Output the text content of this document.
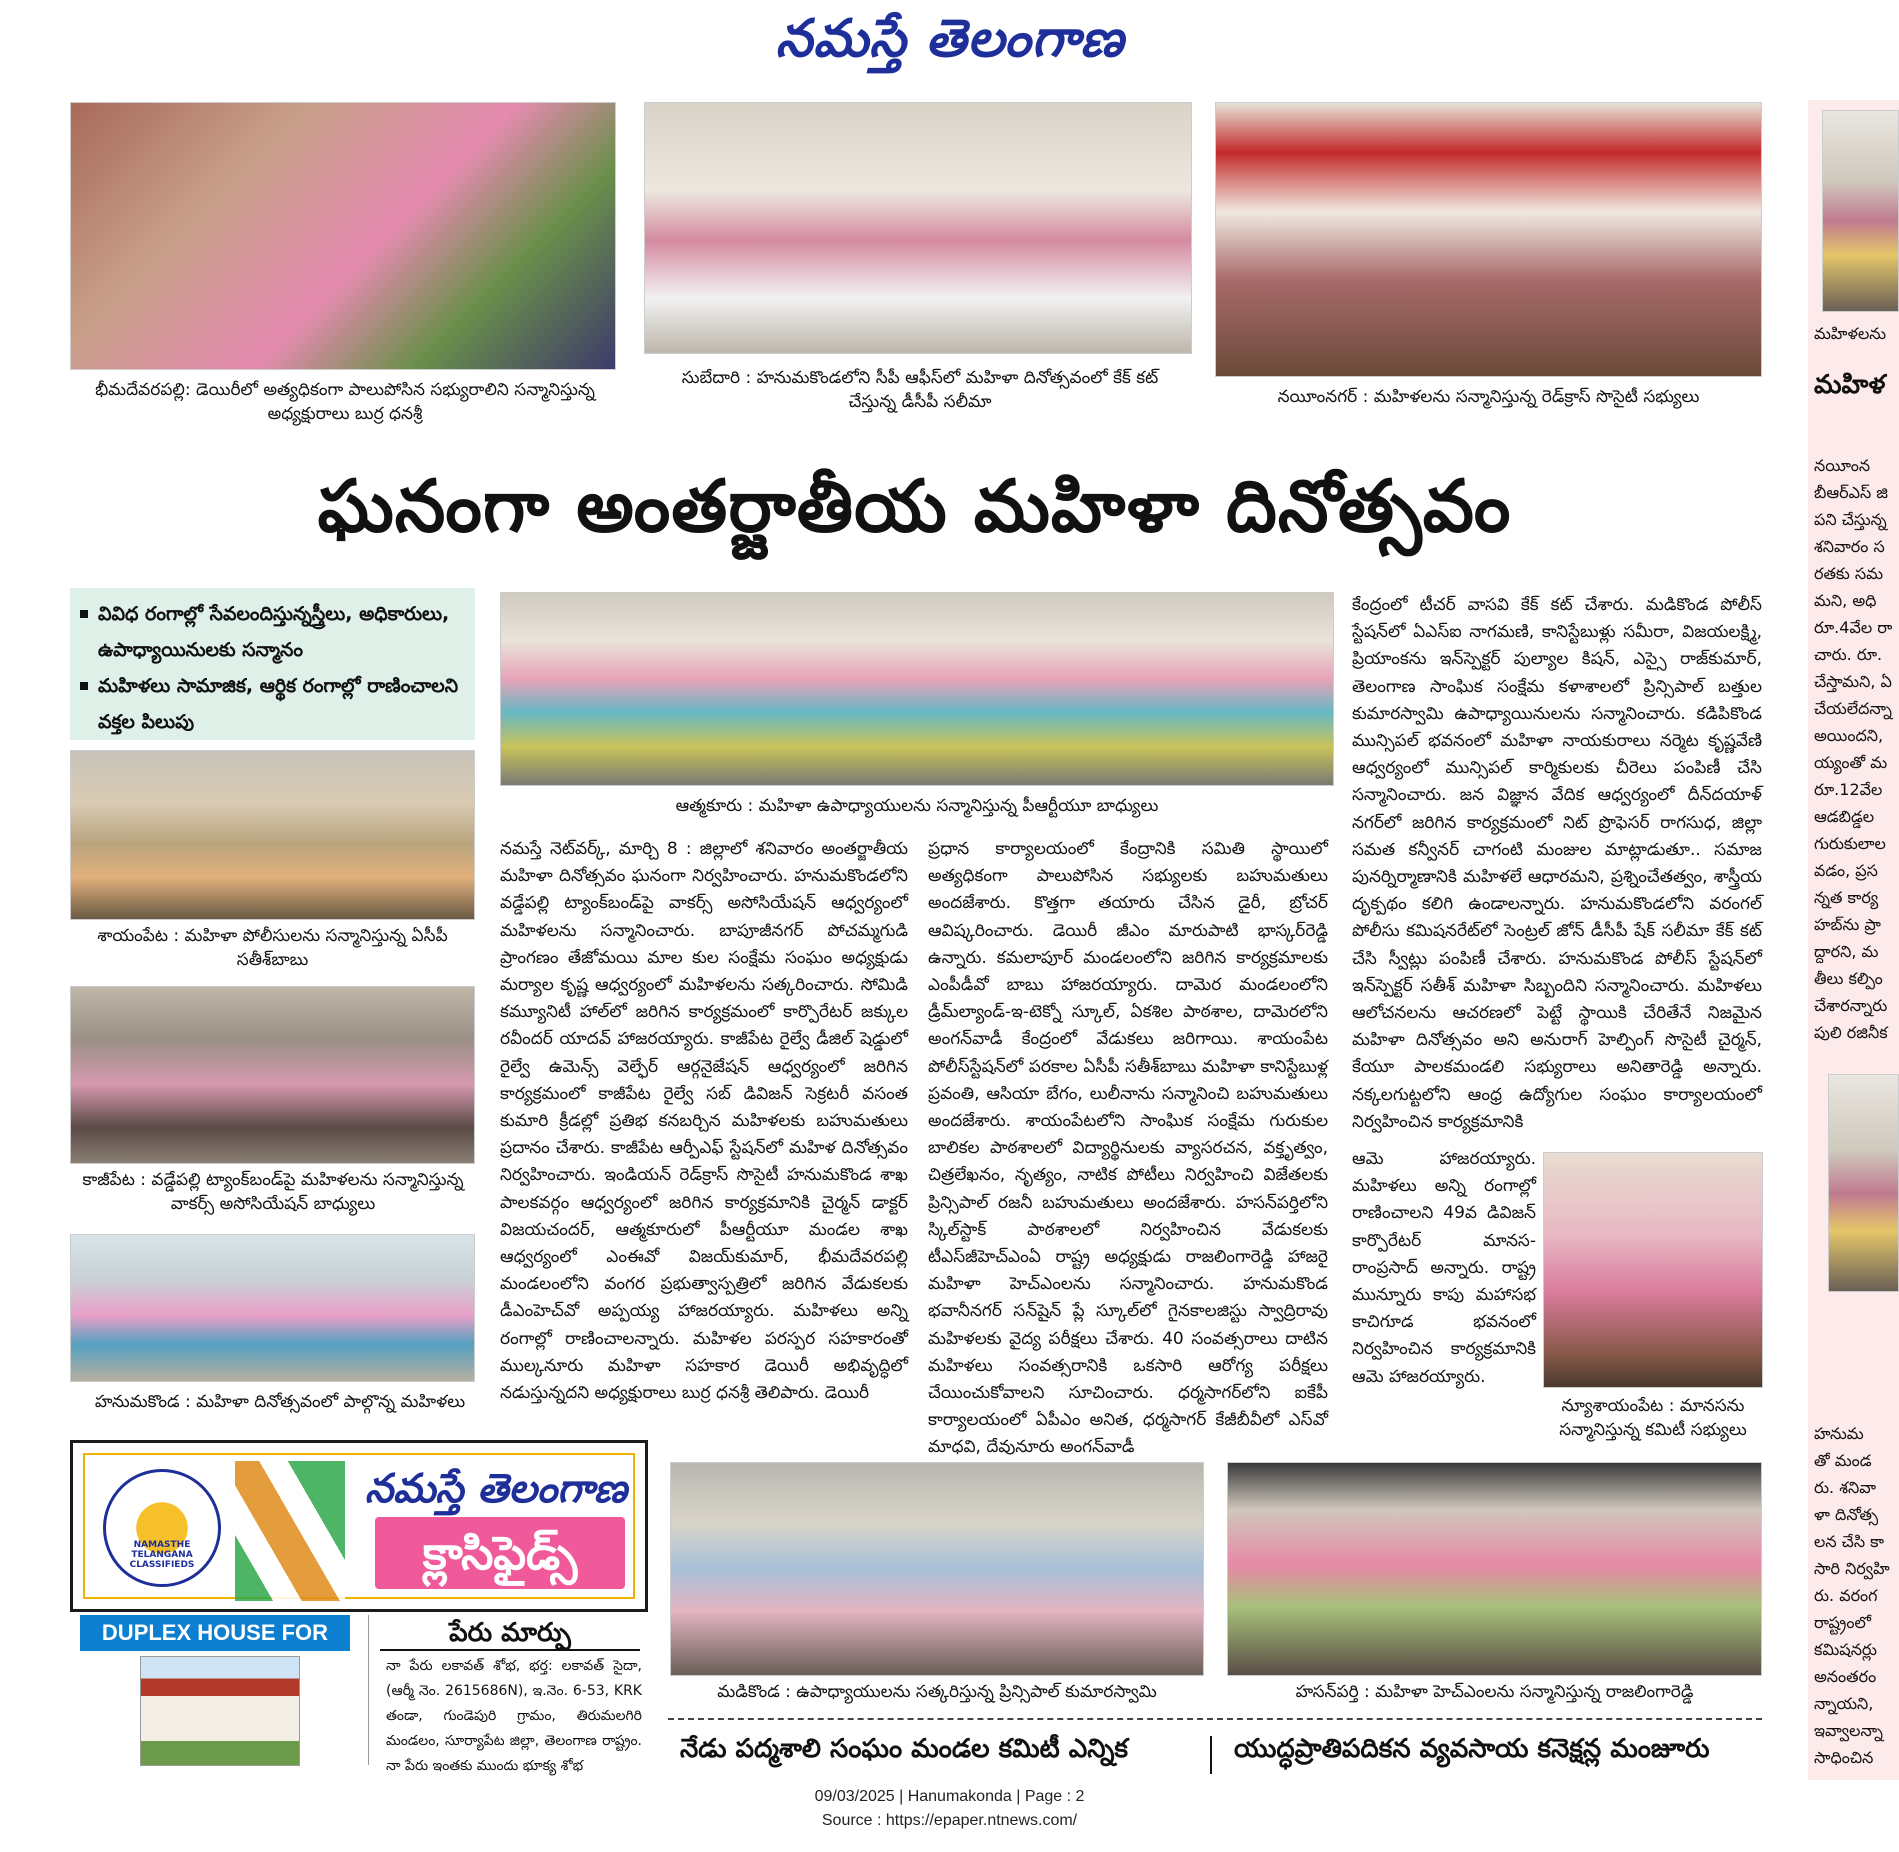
నమస్తే తెలంగాణ
భీమదేవరపల్లి: డెయిరీలో అత్యధికంగా పాలుపోసిన సభ్యురాలిని సన్మానిస్తున్న అధ్యక్షురాలు బుర్ర ధనశ్రీ
సుబేదారి : హనుమకొండలోని సీపీ ఆఫీస్‌లో మహిళా దినోత్సవంలో కేక్ కట్ చేస్తున్న డీసీపీ సలీమా	నయీంనగర్ : మహిళలను సన్మానిస్తున్న రెడ్‌క్రాస్ సొసైటీ సభ్యులు
ఘనంగా అంతర్జాతీయ మహిళా దినోత్సవం
వివిధ రంగాల్లో సేవలందిస్తున్నస్త్రీలు, అధికారులు, ఉపాధ్యాయినులకు సన్మానం
మహిళలు సామాజిక, ఆర్థిక రంగాల్లో రాణించాలని వక్తల పిలుపు
శాయంపేట : మహిళా పోలీసులను సన్మానిస్తున్న ఏసీపీ సతీశ్‌బాబు
కాజీపేట : వడ్డేపల్లి ట్యాంక్‌బండ్‌పై మహిళలను సన్మానిస్తున్న వాకర్స్ అసోసియేషన్ బాధ్యులు
హనుమకొండ : మహిళా దినోత్సవంలో పాల్గొన్న మహిళలు
ఆత్మకూరు : మహిళా ఉపాధ్యాయులను సన్మానిస్తున్న పీఆర్టీయూ బాధ్యులు
నమస్తే నెట్‌వర్క్, మార్చి 8 : జిల్లాలో శనివారం అంతర్జాతీయ మహిళా దినోత్సవం ఘనంగా నిర్వహించారు. హనుమకొండలోని వడ్డేపల్లి ట్యాంక్‌బండ్‌పై వాకర్స్ అసోసియేషన్ ఆధ్వర్యంలో మహిళలను సన్మానించారు. బాపూజీనగర్ పోచమ్మగుడి ప్రాంగణం తేజోమయి మాల కుల సంక్షేమ సంఘం అధ్యక్షుడు మర్యాల కృష్ణ ఆధ్వర్యంలో మహిళలను సత్కరించారు. సోమిడి కమ్యూనిటీ హాల్‌లో జరిగిన కార్యక్రమంలో కార్పొరేటర్ జక్కుల రవీందర్ యాదవ్ హాజరయ్యారు. కాజీపేట రైల్వే డీజిల్ షెడ్డులో రైల్వే ఉమెన్స్ వెల్ఫేర్ ఆర్గనైజేషన్ ఆధ్వర్యంలో జరిగిన కార్యక్రమంలో కాజీపేట రైల్వే సబ్ డివిజన్ సెక్రటరీ వసంత కుమారి క్రీడల్లో ప్రతిభ కనబర్చిన మహిళలకు బహుమతులు ప్రదానం చేశారు. కాజీపేట ఆర్పీఎఫ్ స్టేషన్‌లో మహిళ దినోత్సవం నిర్వహించారు. ఇండియన్ రెడ్‌క్రాస్ సొసైటీ హనుమకొండ శాఖ పాలకవర్గం ఆధ్వర్యంలో జరిగిన కార్యక్రమానికి చైర్మన్ డాక్టర్ విజయచందర్, ఆత్మకూరులో పీఆర్టీయూ మండల శాఖ ఆధ్వర్యంలో ఎంఈవో విజయ్‌కుమార్, భీమదేవరపల్లి మండలంలోని వంగర ప్రభుత్వాస్పత్రిలో జరిగిన వేడుకలకు డీఎంహెచ్‌వో అప్పయ్య హాజరయ్యారు. మహిళలు అన్ని రంగాల్లో రాణించాలన్నారు. మహిళల పరస్పర సహకారంతో ముల్కనూరు మహిళా సహకార డెయిరీ అభివృద్ధిలో నడుస్తున్నదని అధ్యక్షురాలు బుర్ర ధనశ్రీ తెలిపారు. డెయిరీ
ప్రధాన కార్యాలయంలో కేంద్రానికి సమితి స్థాయిలో అత్యధికంగా పాలుపోసిన సభ్యులకు బహుమతులు అందజేశారు. కొత్తగా తయారు చేసిన డైరీ, బ్రోచర్ ఆవిష్కరించారు. డెయిరీ జీఎం మారుపాటి భాస్కర్‌రెడ్డి ఉన్నారు. కమలాపూర్ మండలంలోని జరిగిన కార్యక్రమాలకు ఎంపీడీవో బాబు హాజరయ్యారు. దామెర మండలంలోని డ్రీమ్‌ల్యాండ్-ఇ-టెక్నో స్కూల్, ఏకశిల పాఠశాల, దామెరలోని అంగన్‌వాడీ కేంద్రంలో వేడుకలు జరిగాయి. శాయంపేట పోలీస్‌స్టేషన్‌లో పరకాల ఏసీపీ సతీశ్‌బాబు మహిళా కానిస్టేబుళ్ల ప్రవంతి, ఆసియా బేగం, లులీనాను సన్మానించి బహుమతులు అందజేశారు. శాయంపేటలోని సాంఘిక సంక్షేమ గురుకుల బాలికల పాఠశాలలో విద్యార్థినులకు వ్యాసరచన, వక్తృత్వం, చిత్రలేఖనం, నృత్యం, నాటిక పోటీలు నిర్వహించి విజేతలకు ప్రిన్సిపాల్ రజనీ బహుమతులు అందజేశారు. హసన్‌పర్తిలోని స్కిల్‌స్టాక్ పాఠశాలలో నిర్వహించిన వేడుకలకు టీఎస్‌జీహెచ్‌ఎంఏ రాష్ట్ర అధ్యక్షుడు రాజలింగారెడ్డి హాజరై మహిళా హెచ్‌ఎంలను సన్మానించారు. హనుమకొండ భవానీనగర్ సన్‌షైన్ ప్లే స్కూల్‌లో గైనకాలజిస్టు స్వాద్రిరావు మహిళలకు వైద్య పరీక్షలు చేశారు. 40 సంవత్సరాలు దాటిన మహిళలు సంవత్సరానికి ఒకసారి ఆరోగ్య పరీక్షలు చేయించుకోవాలని సూచించారు. ధర్మసాగర్‌లోని ఐకేపీ కార్యాలయంలో ఏపీఎం అనిత, ధర్మసాగర్ కేజీబీవీలో ఎస్‌వో మాధవి, దేవునూరు అంగన్‌వాడీ
కేంద్రంలో టీచర్ వాసవి కేక్ కట్ చేశారు. మడికొండ పోలీస్ స్టేషన్‌లో ఏఎస్ఐ నాగమణి, కానిస్టేబుళ్లు సమీరా, విజయలక్ష్మి, ప్రియాంకను ఇన్‌స్పెక్టర్ పుల్యాల కిషన్, ఎస్సై రాజ్‌కుమార్, తెలంగాణ సాంఘిక సంక్షేమ కళాశాలలో ప్రిన్సిపాల్ బత్తుల కుమారస్వామి ఉపాధ్యాయినులను సన్మానించారు. కడిపికొండ మున్సిపల్ భవనంలో మహిళా నాయకురాలు నర్మెట కృష్ణవేణి ఆధ్వర్యంలో మున్సిపల్ కార్మికులకు చీరెలు పంపిణీ చేసి సన్మానించారు. జన విజ్ఞాన వేదిక ఆధ్వర్యంలో దీన్‌దయాళ్ నగర్‌లో జరిగిన కార్యక్రమంలో నిట్ ప్రొఫెసర్ రాగసుధ, జిల్లా సమత కన్వీనర్ చాగంటి మంజుల మాట్లాడుతూ.. సమాజ పునర్నిర్మాణానికి మహిళలే ఆధారమని, ప్రశ్నించేతత్వం, శాస్త్రీయ దృక్పథం కలిగి ఉండాలన్నారు. హనుమకొండలోని వరంగల్ పోలీసు కమిషనరేట్‌లో సెంట్రల్ జోన్ డీసీపీ షేక్ సలీమా కేక్ కట్ చేసి స్వీట్లు పంపిణీ చేశారు. హనుమకొండ పోలీస్ స్టేషన్‌లో ఇన్‌స్పెక్టర్ సతీశ్ మహిళా సిబ్బందిని సన్మానించారు. మహిళలు ఆలోచనలను ఆచరణలో పెట్టే స్థాయికి చేరితేనే నిజమైన మహిళా దినోత్సవం అని అనురాగ్ హెల్పింగ్ సొసైటీ చైర్మన్, కేయూ పాలకమండలి సభ్యురాలు అనితారెడ్డి అన్నారు. నక్కలగుట్టలోని ఆంధ్ర ఉద్యోగుల సంఘం కార్యాలయంలో నిర్వహించిన కార్యక్రమానికి
ఆమె హాజరయ్యారు. మహిళలు అన్ని రంగాల్లో రాణించాలని 49వ డివిజన్ కార్పొరేటర్ మానస-రాంప్రసాద్ అన్నారు. రాష్ట్ర మున్నూరు కాపు మహాసభ కాచిగూడ భవనంలో నిర్వహించిన కార్యక్రమానికి ఆమె హాజరయ్యారు.
న్యూశాయంపేట : మానసను సన్మానిస్తున్న కమిటీ సభ్యులు
మడికొండ : ఉపాధ్యాయులను సత్కరిస్తున్న ప్రిన్సిపాల్ కుమారస్వామి	హసన్‌పర్తి : మహిళా హెచ్‌ఎంలను సన్మానిస్తున్న రాజలింగారెడ్డి
నేడు పద్మశాలి సంఘం మండల కమిటీ ఎన్నిక	యుద్ధప్రాతిపదికన వ్యవసాయ కనెక్షన్ల మంజూరు
NAMASTHE TELANGANA CLASSIFIEDS
నమస్తే తెలంగాణ
క్లాసిఫైడ్స్
DUPLEX HOUSE FOR	పేరు మార్పు
నా పేరు లకావత్ శోభ, భర్త: లకావత్ సైదా, (ఆర్మీ నెం. 2615686N), ఇ.నెం. 6-53, KRK తండా, గుండెపురి గ్రామం, తిరుమలగిరి మండలం, సూర్యాపేట జిల్లా, తెలంగాణ రాష్ట్రం. నా పేరు ఇంతకు ముందు భూక్య శోభ
మహిళలను
మహిళ
నయీంన
బీఆర్ఎస్ జి
పని చేస్తున్న
శనివారం స
రతకు సమ
మని, అధి
రూ.4వేల రా
చారు. రూ.
చేస్తామని, ఏ
చేయలేదన్నా
అయిందని,
య్యంతో మ
రూ.12వేల
ఆడబిడ్డల
గురుకులాల
వడం, ప్రస
న్నత కార్య
హబ్‌ను ప్రా
ద్దారని, మ
తీలు కల్పిం
చేశారన్నారు
పులి రజినీక
హనుమ
తో మండ
రు. శనివా
ళా దినోత్స
లన చేసి కా
సారి నిర్వహి
రు. వరంగ
రాష్ట్రంలో
కమిషనర్లు
అనంతరం
న్నాయని,
ఇవ్వాలన్నా
సాధించిన
09/03/2025 | Hanumakonda | Page : 2
Source : https://epaper.ntnews.com/
